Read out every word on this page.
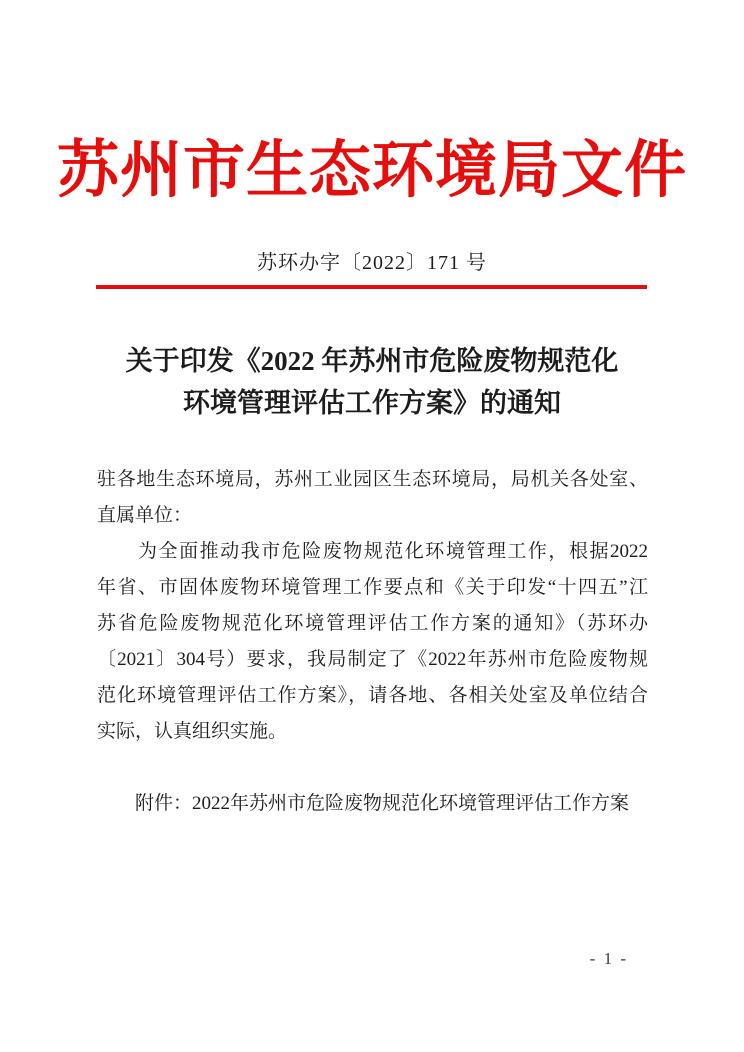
苏州市生态环境局文件
苏环办字〔2022〕171 号
关于印发《2022 年苏州市危险废物规范化
环境管理评估工作方案》的通知
驻各地生态环境局，苏州工业园区生态环境局，局机关各处室、
直属单位：
　　为全面推动我市危险废物规范化环境管理工作，根据2022
年省、市固体废物环境管理工作要点和《关于印发“十四五”江
苏省危险废物规范化环境管理评估工作方案的通知》（苏环办
〔2021〕304号）要求，我局制定了《2022年苏州市危险废物规
范化环境管理评估工作方案》，请各地、各相关处室及单位结合
实际，认真组织实施。
　　附件：2022年苏州市危险废物规范化环境管理评估工作方案
- 1 -
